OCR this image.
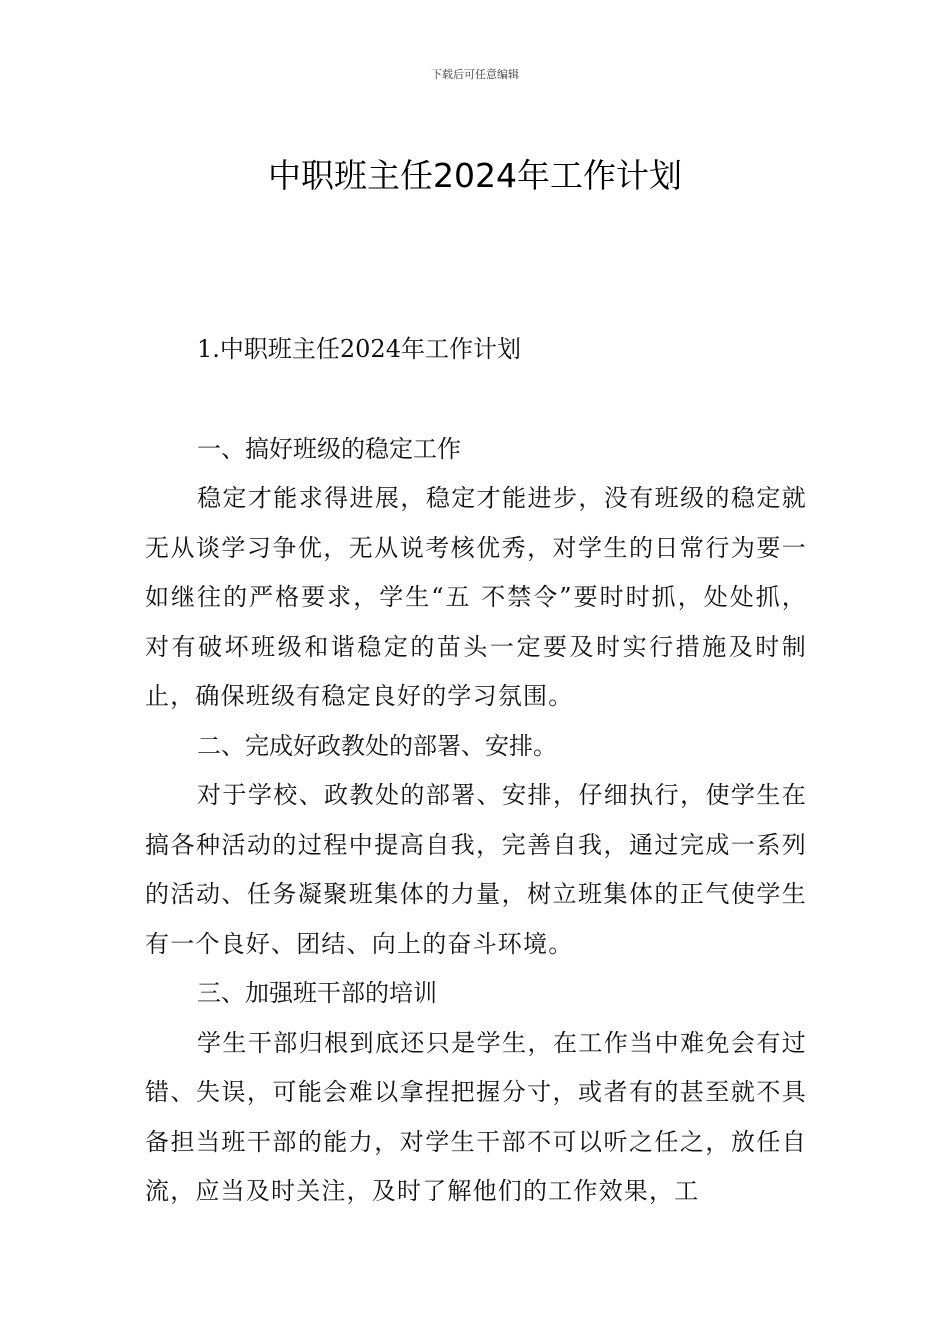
下载后可任意编辑
中职班主任2024年工作计划

1.中职班主任2024年工作计划

一、搞好班级的稳定工作

稳定才能求得进展，稳定才能进步，没有班级的稳定就无从谈学习争优，无从说考核优秀，对学生的日常行为要一如继往的严格要求，学生“五 不禁令”要时时抓，处处抓，对有破坏班级和谐稳定的苗头一定要及时实行措施及时制止，确保班级有稳定良好的学习氛围。

二、完成好政教处的部署、安排。

对于学校、政教处的部署、安排，仔细执行，使学生在搞各种活动的过程中提高自我，完善自我，通过完成一系列的活动、任务凝聚班集体的力量，树立班集体的正气使学生有一个良好、团结、向上的奋斗环境。

三、加强班干部的培训

学生干部归根到底还只是学生，在工作当中难免会有过错、失误，可能会难以拿捏把握分寸，或者有的甚至就不具备担当班干部的能力，对学生干部不可以听之任之，放任自流，应当及时关注，及时了解他们的工作效果，工
